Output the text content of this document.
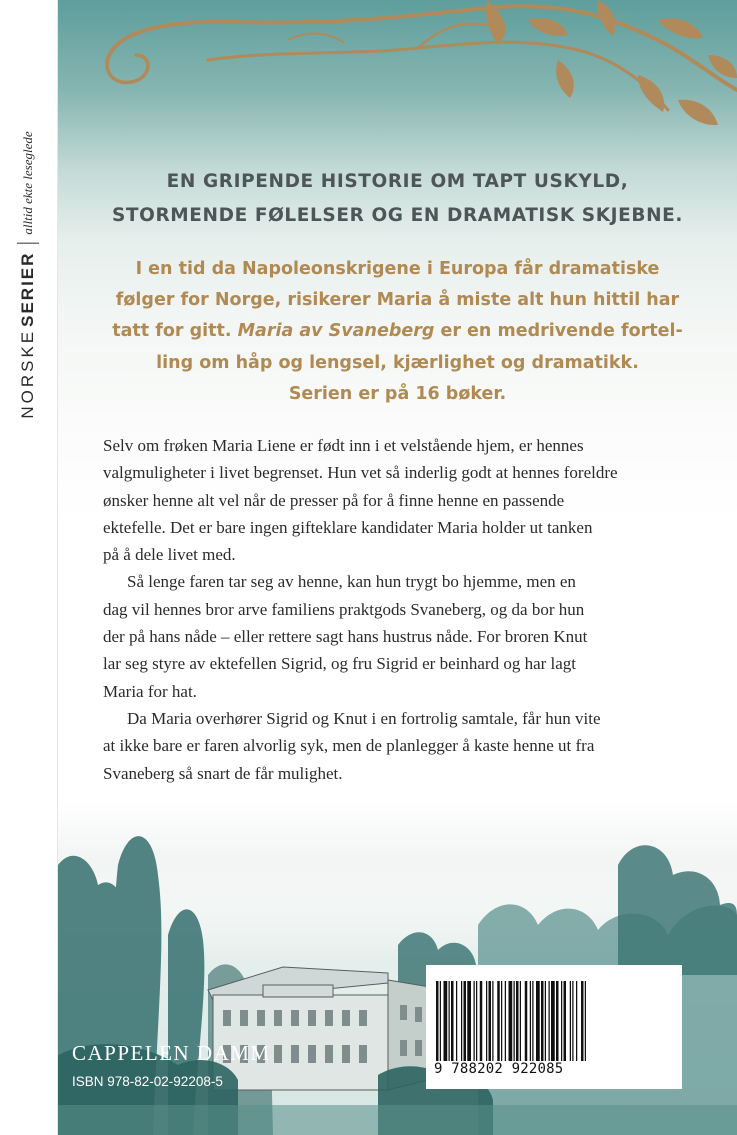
NORSKE
SERIER
alltid ekte leseglede	EN GRIPENDE HISTORIE OM TAPT USKYLD,
STORMENDE FØLELSER OG EN DRAMATISK SKJEBNE.
I en tid da Napoleonskrigene i Europa får dramatiske
følger for Norge, risikerer Maria å miste alt hun hittil har
tatt for gitt. Maria av Svaneberg er en medrivende fortel-
ling om håp og lengsel, kjærlighet og dramatikk.
Serien er på 16 bøker.

Selv om frøken Maria Liene er født inn i et velstående hjem, er hennes

valgmuligheter i livet begrenset. Hun vet så inderlig godt at hennes foreldre

ønsker henne alt vel når de presser på for å finne henne en passende

ektefelle. Det er bare ingen gifteklare kandidater Maria holder ut tanken

på å dele livet med.

Så lenge faren tar seg av henne, kan hun trygt bo hjemme, men en

dag vil hennes bror arve familiens praktgods Svaneberg, og da bor hun

der på hans nåde – eller rettere sagt hans hustrus nåde. For broren Knut

lar seg styre av ektefellen Sigrid, og fru Sigrid er beinhard og har lagt

Maria for hat.

Da Maria overhører Sigrid og Knut i en fortrolig samtale, får hun vite

at ikke bare er faren alvorlig syk, men de planlegger å kaste henne ut fra

Svaneberg så snart de får mulighet.

9 788202 922085
CAPPELEN DAMM
ISBN 978-82-02-92208-5
